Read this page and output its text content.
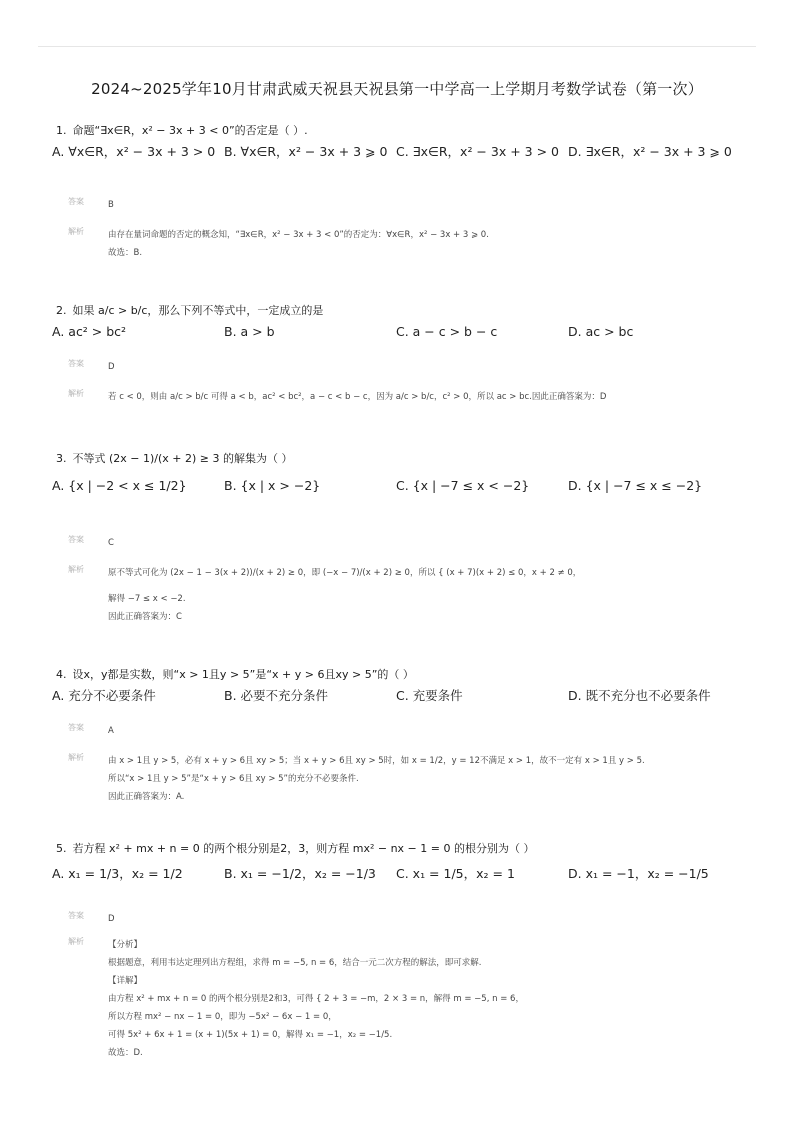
2024~2025学年10月甘肃武威天祝县天祝县第一中学高一上学期月考数学试卷（第一次）
1. 命题“∃x∈R，x² − 3x + 3 < 0”的否定是（ ）.
A. ∀x∈R，x² − 3x + 3 > 0 B. ∀x∈R，x² − 3x + 3 ⩾ 0 C. ∃x∈R，x² − 3x + 3 > 0 D. ∃x∈R，x² − 3x + 3 ⩾ 0
答案	B
解析	由存在量词命题的否定的概念知，“∃x∈R，x² − 3x + 3 < 0”的否定为：∀x∈R，x² − 3x + 3 ⩾ 0.
故选：B.
2. 如果 a/c > b/c，那么下列不等式中，一定成立的是
A. ac² > bc²	B. a > b	C. a − c > b − c	D. ac > bc
答案	D
解析	若 c < 0，则由 a/c > b/c 可得 a < b，ac² < bc²，a − c < b − c，因为 a/c > b/c，c² > 0，所以 ac > bc.因此正确答案为：D
3. 不等式 (2x − 1)/(x + 2) ≥ 3 的解集为（ ）
A. {x | −2 < x ≤ 1/2}	B. {x | x > −2}	C. {x | −7 ≤ x < −2}	D. {x | −7 ≤ x ≤ −2}
答案	C
解析	原不等式可化为 (2x − 1 − 3(x + 2))/(x + 2) ≥ 0，即 (−x − 7)/(x + 2) ≥ 0，所以 { (x + 7)(x + 2) ≤ 0，x + 2 ≠ 0，
解得 −7 ≤ x < −2.
因此正确答案为：C
4. 设x，y都是实数，则“x > 1且y > 5”是“x + y > 6且xy > 5”的（ ）
A. 充分不必要条件	B. 必要不充分条件	C. 充要条件	D. 既不充分也不必要条件
答案	A
解析	由 x > 1且 y > 5，必有 x + y > 6且 xy > 5；当 x + y > 6且 xy > 5时，如 x = 1/2，y = 12不满足 x > 1，故不一定有 x > 1且 y > 5.
所以“x > 1且 y > 5”是“x + y > 6且 xy > 5”的充分不必要条件.
因此正确答案为：A.
5. 若方程 x² + mx + n = 0 的两个根分别是2，3，则方程 mx² − nx − 1 = 0 的根分别为（ ）
A. x₁ = 1/3，x₂ = 1/2	B. x₁ = −1/2，x₂ = −1/3	C. x₁ = 1/5，x₂ = 1	D. x₁ = −1，x₂ = −1/5
答案	D
解析	【分析】
根据题意，利用韦达定理列出方程组，求得 m = −5, n = 6，结合一元二次方程的解法，即可求解.
【详解】
由方程 x² + mx + n = 0 的两个根分别是2和3，可得 { 2 + 3 = −m，2 × 3 = n，解得 m = −5, n = 6，
所以方程 mx² − nx − 1 = 0，即为 −5x² − 6x − 1 = 0，
可得 5x² + 6x + 1 = (x + 1)(5x + 1) = 0，解得 x₁ = −1，x₂ = −1/5.
故选：D.
